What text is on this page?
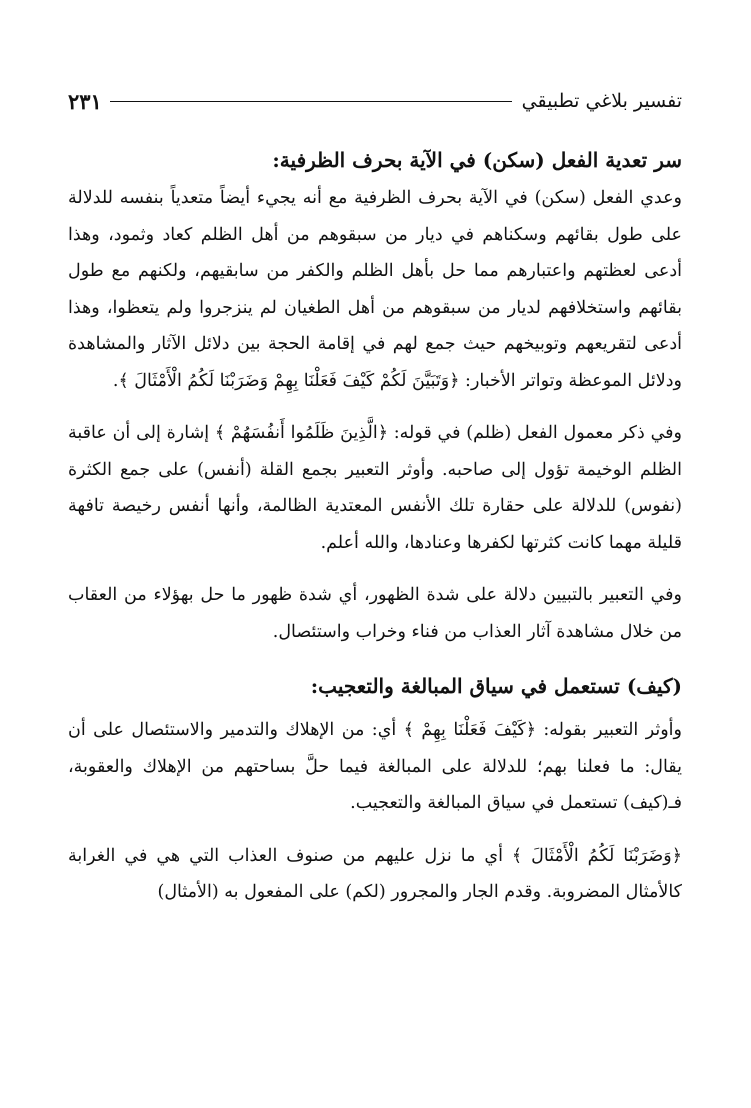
تفسير بلاغي تطبيقي
٢٣١

سر تعدية الفعل (سكن) في الآية بحرف الظرفية:

وعدي الفعل (سكن) في الآية بحرف الظرفية مع أنه يجيء أيضاً متعدياً بنفسه للدلالة على طول بقائهم وسكناهم في ديار من سبقوهم من أهل الظلم كعاد وثمود، وهذا أدعى لعظتهم واعتبارهم مما حل بأهل الظلم والكفر من سابقيهم، ولكنهم مع طول بقائهم واستخلافهم لديار من سبقوهم من أهل الطغيان لم ينزجروا ولم يتعظوا، وهذا أدعى لتقريعهم وتوبيخهم حيث جمع لهم في إقامة الحجة بين دلائل الآثار والمشاهدة ودلائل الموعظة وتواتر الأخبار: ﴿وَتَبَيَّنَ لَكُمْ كَيْفَ فَعَلْنَا بِهِمْ وَضَرَبْنَا لَكُمُ الْأَمْثَالَ ﴾.

وفي ذكر معمول الفعل (ظلم) في قوله: ﴿الَّذِينَ ظَلَمُوا أَنفُسَهُمْ ﴾ إشارة إلى أن عاقبة الظلم الوخيمة تؤول إلى صاحبه. وأوثر التعبير بجمع القلة (أنفس) على جمع الكثرة (نفوس) للدلالة على حقارة تلك الأنفس المعتدية الظالمة، وأنها أنفس رخيصة تافهة قليلة مهما كانت كثرتها لكفرها وعنادها، والله أعلم.

وفي التعبير بالتبيين دلالة على شدة الظهور، أي شدة ظهور ما حل بهؤلاء من العقاب من خلال مشاهدة آثار العذاب من فناء وخراب واستئصال.

(كيف) تستعمل في سياق المبالغة والتعجيب:

وأوثر التعبير بقوله: ﴿كَيْفَ فَعَلْنَا بِهِمْ ﴾ أي: من الإهلاك والتدمير والاستئصال على أن يقال: ما فعلنا بهم؛ للدلالة على المبالغة فيما حلَّ بساحتهم من الإهلاك والعقوبة، فـ(كيف) تستعمل في سياق المبالغة والتعجيب.

﴿وَضَرَبْنَا لَكُمُ الْأَمْثَالَ ﴾ أي ما نزل عليهم من صنوف العذاب التي هي في الغرابة كالأمثال المضروبة. وقدم الجار والمجرور (لكم) على المفعول به (الأمثال)
